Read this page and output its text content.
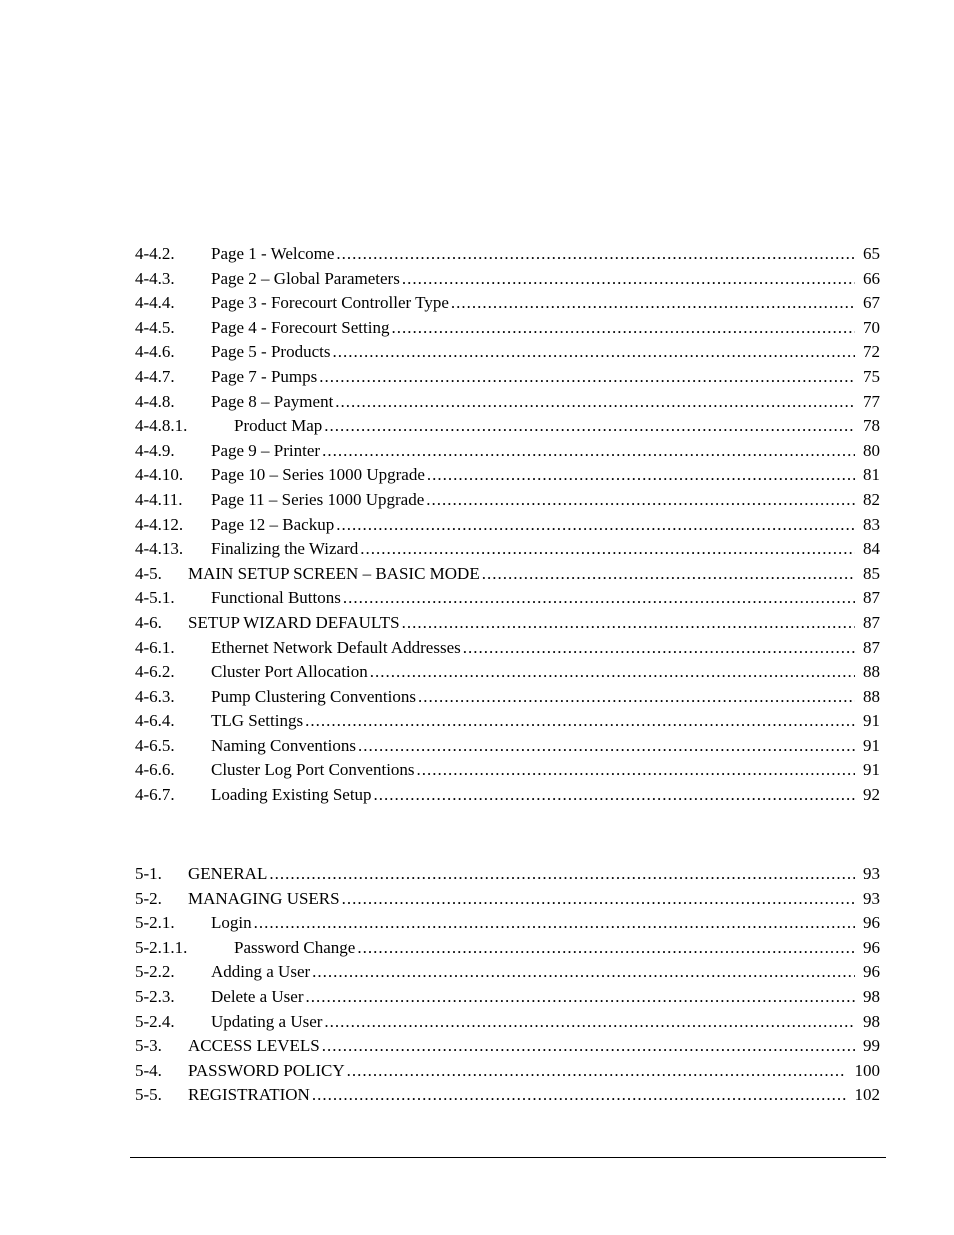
4-4.2.	Page 1 - Welcome .....	65
4-4.3.	Page 2 – Global Parameters .....	66
4-4.4.	Page 3 - Forecourt Controller Type .....	67
4-4.5.	Page 4 - Forecourt Setting .....	70
4-4.6.	Page 5 - Products .....	72
4-4.7.	Page 7 - Pumps .....	75
4-4.8.	Page 8 – Payment .....	77
4-4.8.1.	Product Map .....	78
4-4.9.	Page 9 – Printer .....	80
4-4.10.	Page 10 – Series 1000 Upgrade .....	81
4-4.11.	Page 11 – Series 1000 Upgrade .....	82
4-4.12.	Page 12 – Backup .....	83
4-4.13.	Finalizing the Wizard .....	84
4-5.	MAIN SETUP SCREEN – BASIC MODE .....	85
4-5.1.	Functional Buttons .....	87
4-6.	SETUP WIZARD DEFAULTS .....	87
4-6.1.	Ethernet Network Default Addresses .....	87
4-6.2.	Cluster Port Allocation .....	88
4-6.3.	Pump Clustering Conventions .....	88
4-6.4.	TLG Settings .....	91
4-6.5.	Naming Conventions .....	91
4-6.6.	Cluster Log Port Conventions .....	91
4-6.7.	Loading Existing Setup .....	92
5-1.	GENERAL .....	93
5-2.	MANAGING USERS .....	93
5-2.1.	Login .....	96
5-2.1.1.	Password Change .....	96
5-2.2.	Adding a User .....	96
5-2.3.	Delete a User .....	98
5-2.4.	Updating a User .....	98
5-3.	ACCESS LEVELS .....	99
5-4.	PASSWORD POLICY .....	100
5-5.	REGISTRATION .....	102
